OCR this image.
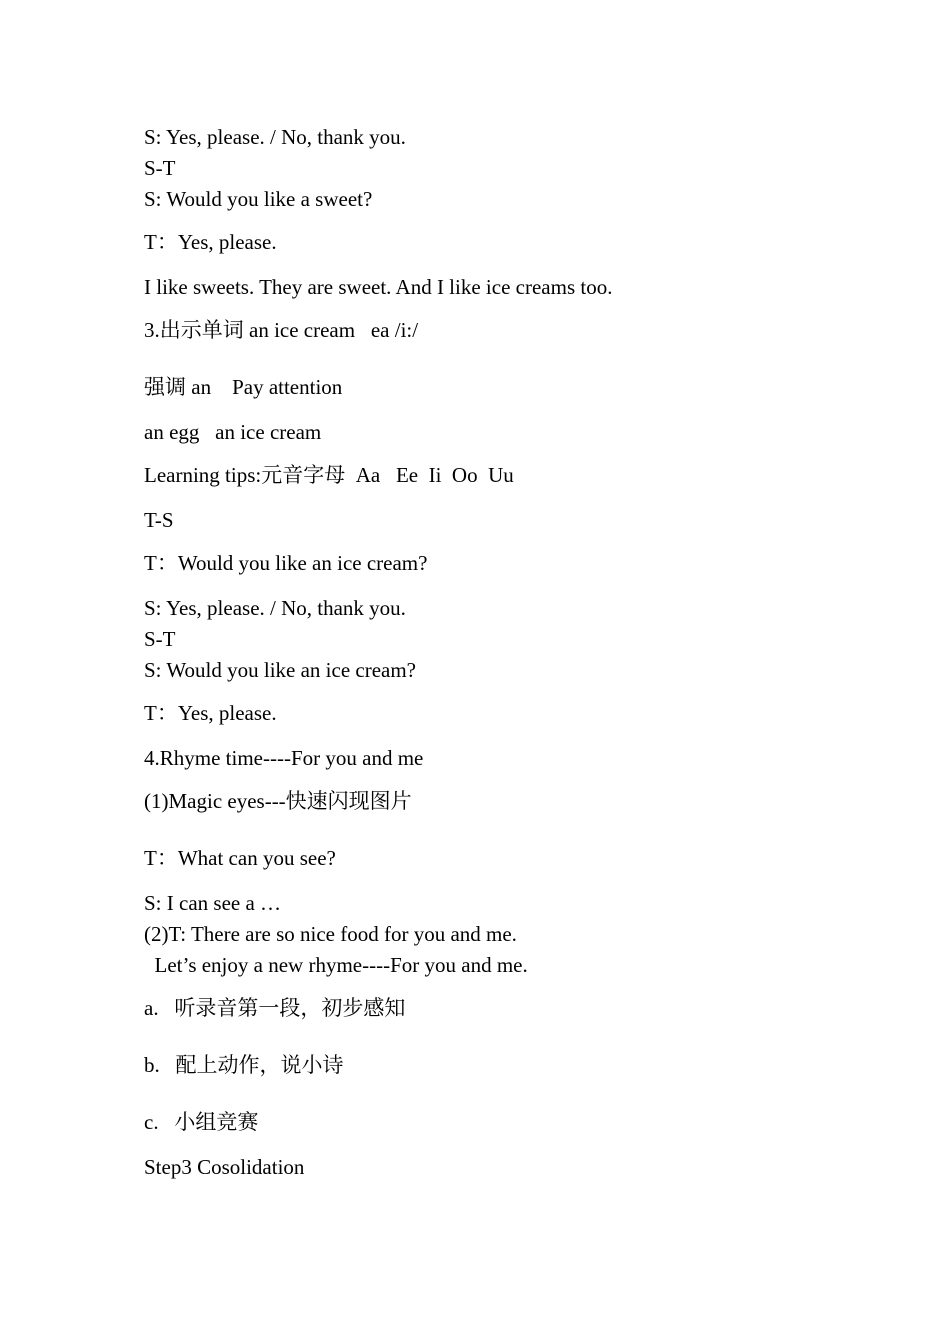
S: Yes, please. / No, thank you.
S-T
S: Would you like a sweet?
T：Yes, please.
I like sweets. They are sweet. And I like ice creams too.
3.出示单词 an ice cream   ea /i:/
强调 an    Pay attention
an egg   an ice cream
Learning tips:元音字母  Aa   Ee  Ii  Oo  Uu
T-S
T：Would you like an ice cream?
S: Yes, please. / No, thank you.
S-T
S: Would you like an ice cream?
T：Yes, please.
4.Rhyme time----For you and me
(1)Magic eyes---快速闪现图片
T：What can you see?
S: I can see a …
(2)T: There are so nice food for you and me.
Let’s enjoy a new rhyme----For you and me.
a.   听录音第一段，初步感知
b.   配上动作，说小诗
c.   小组竞赛
Step3 Cosolidation
